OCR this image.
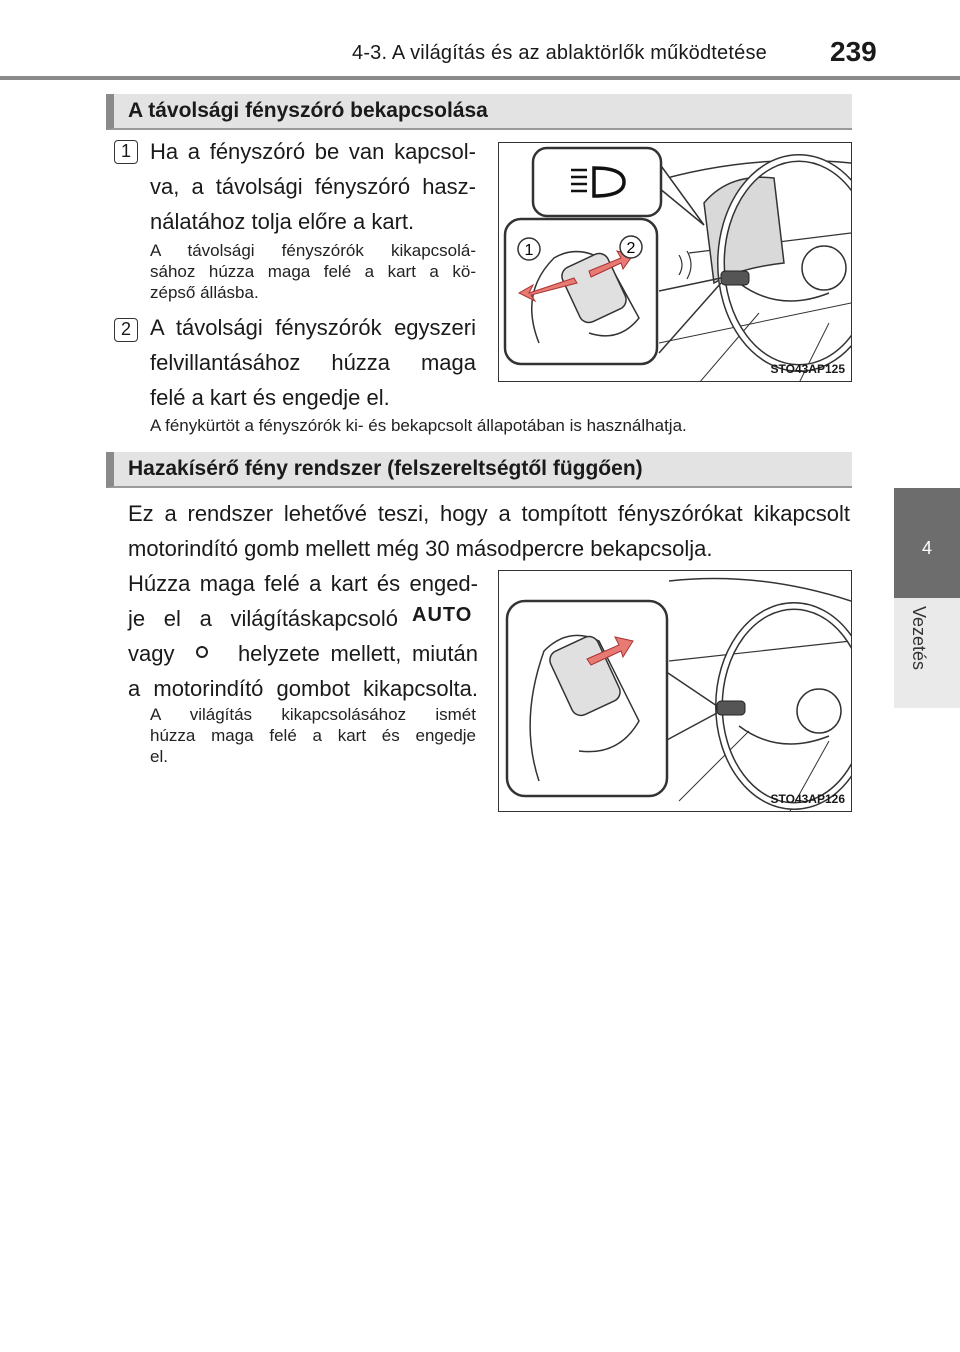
4-3. A világítás és az ablaktörlők működtetése 239
4
Vezetés
A távolsági fényszóró bekapcsolása
1 Ha a fényszóró be van kapcsol-
va, a távolsági fényszóró hasz-
nálatához tolja előre a kart.
A távolsági fényszórók kikapcsolá-
sához húzza maga felé a kart a kö-
zépső állásba.
2 A távolsági fényszórók egyszeri
felvillantásához húzza maga
felé a kart és engedje el.
A fénykürtöt a fényszórók ki- és bekapcsolt állapotában is használhatja.
1	2
STO43AP125
Hazakísérő fény rendszer (felszereltségtől függően)
Ez a rendszer lehetővé teszi, hogy a tompított fényszórókat kikapcsolt
motorindító gomb mellett még 30 másodpercre bekapcsolja.
Húzza maga felé a kart és enged-
je el a világításkapcsoló
vagy      helyzete mellett, miután
a motorindító gombot kikapcsolta.
AUTO
A világítás kikapcsolásához ismét
húzza maga felé a kart és engedje
el.
STO43AP126
